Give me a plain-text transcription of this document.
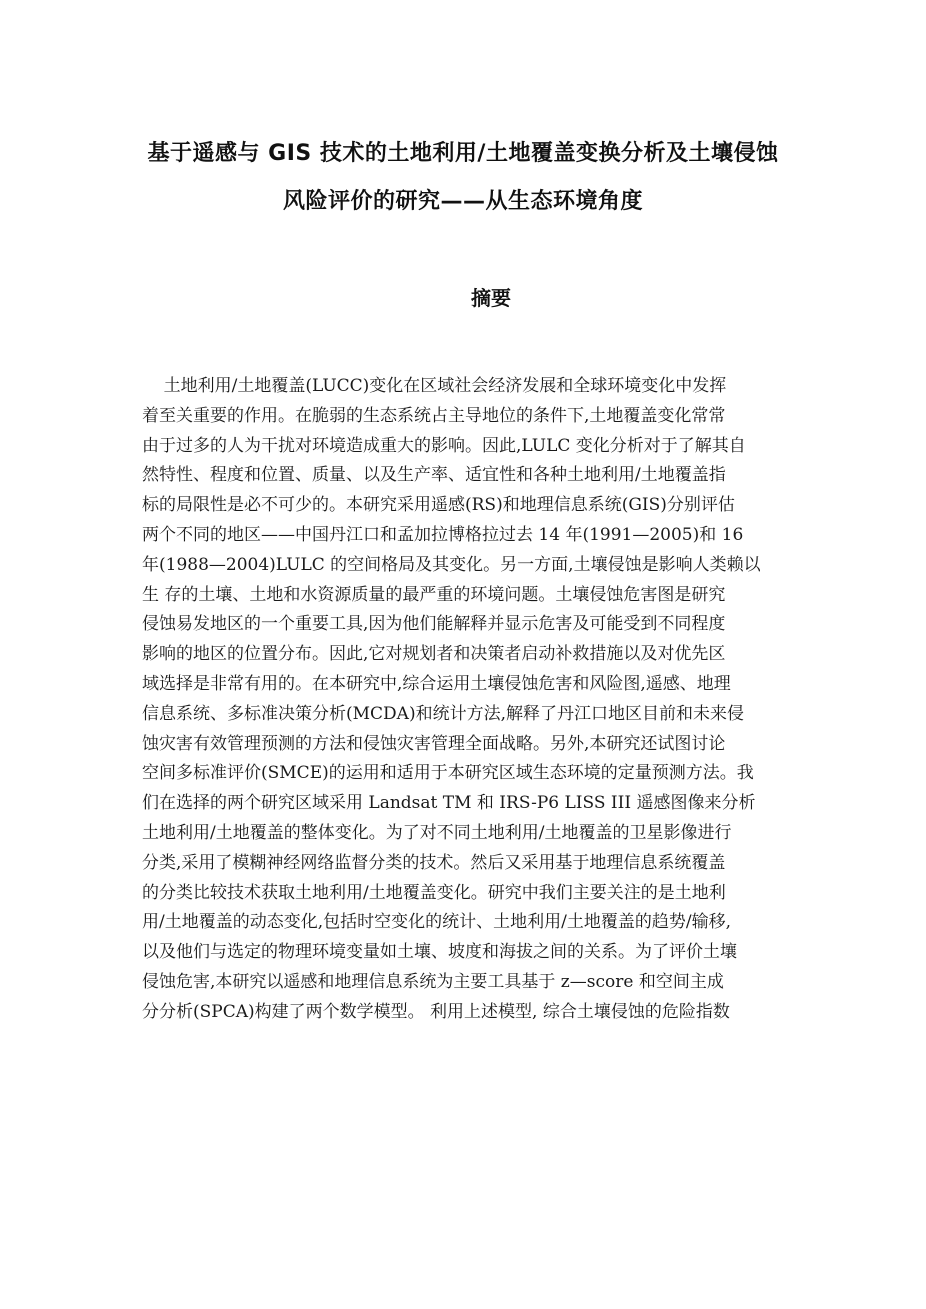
基于遥感与 GIS 技术的土地利用/土地覆盖变换分析及土壤侵蚀
风险评价的研究——从生态环境角度
摘要
土地利用/土地覆盖(LUCC)变化在区域社会经济发展和全球环境变化中发挥
着至关重要的作用。在脆弱的生态系统占主导地位的条件下,土地覆盖变化常常
由于过多的人为干扰对环境造成重大的影响。因此,LULC 变化分析对于了解其自
然特性、程度和位置、质量、以及生产率、适宜性和各种土地利用/土地覆盖指
标的局限性是必不可少的。本研究采用遥感(RS)和地理信息系统(GIS)分别评估
两个不同的地区——中国丹江口和孟加拉博格拉过去 14 年(1991—2005)和 16
年(1988—2004)LULC 的空间格局及其变化。另一方面,土壤侵蚀是影响人类赖以
生 存的土壤、土地和水资源质量的最严重的环境问题。土壤侵蚀危害图是研究
侵蚀易发地区的一个重要工具,因为他们能解释并显示危害及可能受到不同程度
影响的地区的位置分布。因此,它对规划者和决策者启动补救措施以及对优先区
域选择是非常有用的。在本研究中,综合运用土壤侵蚀危害和风险图,遥感、地理
信息系统、多标准决策分析(MCDA)和统计方法,解释了丹江口地区目前和未来侵
蚀灾害有效管理预测的方法和侵蚀灾害管理全面战略。另外,本研究还试图讨论
空间多标准评价(SMCE)的运用和适用于本研究区域生态环境的定量预测方法。我
们在选择的两个研究区域采用 Landsat TM 和 IRS-P6 LISS III 遥感图像来分析
土地利用/土地覆盖的整体变化。为了对不同土地利用/土地覆盖的卫星影像进行
分类,采用了模糊神经网络监督分类的技术。然后又采用基于地理信息系统覆盖
的分类比较技术获取土地利用/土地覆盖变化。研究中我们主要关注的是土地利
用/土地覆盖的动态变化,包括时空变化的统计、土地利用/土地覆盖的趋势/输移,
以及他们与选定的物理环境变量如土壤、坡度和海拔之间的关系。为了评价土壤
侵蚀危害,本研究以遥感和地理信息系统为主要工具基于 z—score 和空间主成
分分析(SPCA)构建了两个数学模型。 利用上述模型, 综合土壤侵蚀的危险指数
